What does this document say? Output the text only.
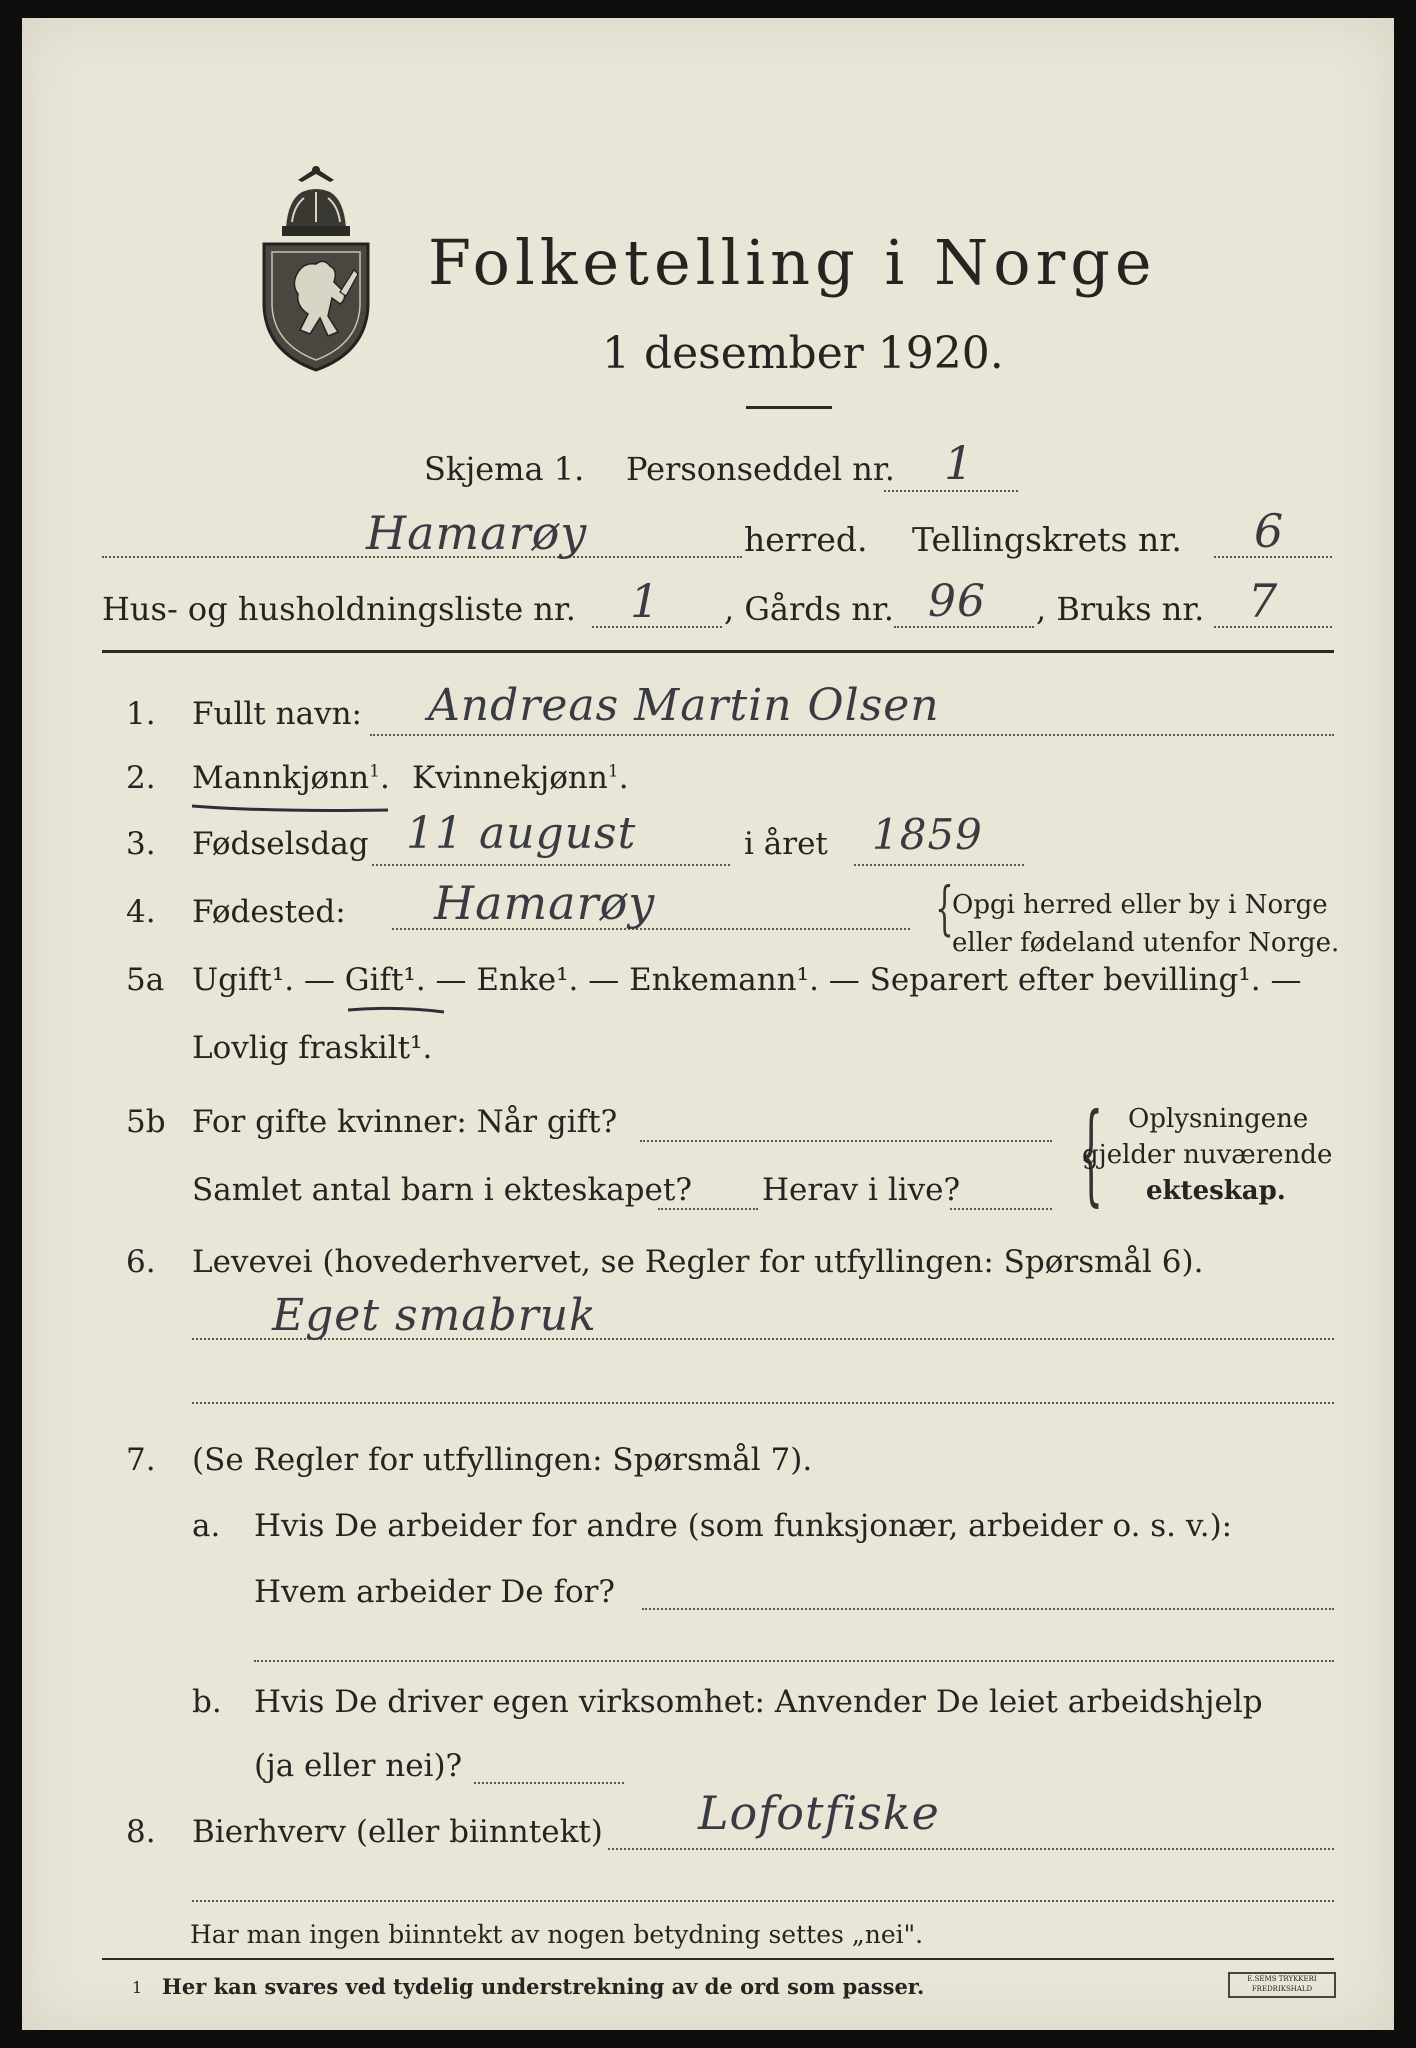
Folketelling i Norge
1 desember 1920.
Skjema 1. Personseddel nr. 1
Hamarøy	herred. Tellingskrets nr. 6
Hus- og husholdningsliste nr. 1 , Gårds nr. 96 , Bruks nr. 7
1. Fullt navn: Andreas Martin Olsen
2. Mannkjønn$^1$. Kvinnekjønn$^1$.
3. Fødselsdag 11 august	i året 1859
4. Fødested: Hamarøy	{
Opgi herred eller by i Norge
eller fødeland utenfor Norge.
5a Ugift¹. — Gift¹. — Enke¹. — Enkemann¹. — Separert efter bevilling¹. —
Lovlig fraskilt¹.
5b For gifte kvinner: Når gift?
Samlet antal barn i ekteskapet? Herav i live? { Oplysningene
gjelder nuværende
ekteskap.
6. Levevei (hovederhvervet, se Regler for utfyllingen: Spørsmål 6).
Eget smabruk
7. (Se Regler for utfyllingen: Spørsmål 7).
a. Hvis De arbeider for andre (som funksjonær, arbeider o. s. v.):
Hvem arbeider De for?
b. Hvis De driver egen virksomhet: Anvender De leiet arbeidshjelp
(ja eller nei)?
8. Bierhverv (eller biinntekt) Lofotfiske
Har man ingen biinntekt av nogen betydning settes „nei".
1 Her kan svares ved tydelig understrekning av de ord som passer.	E.SEMS TRYKKERI FREDRIKSHALD
